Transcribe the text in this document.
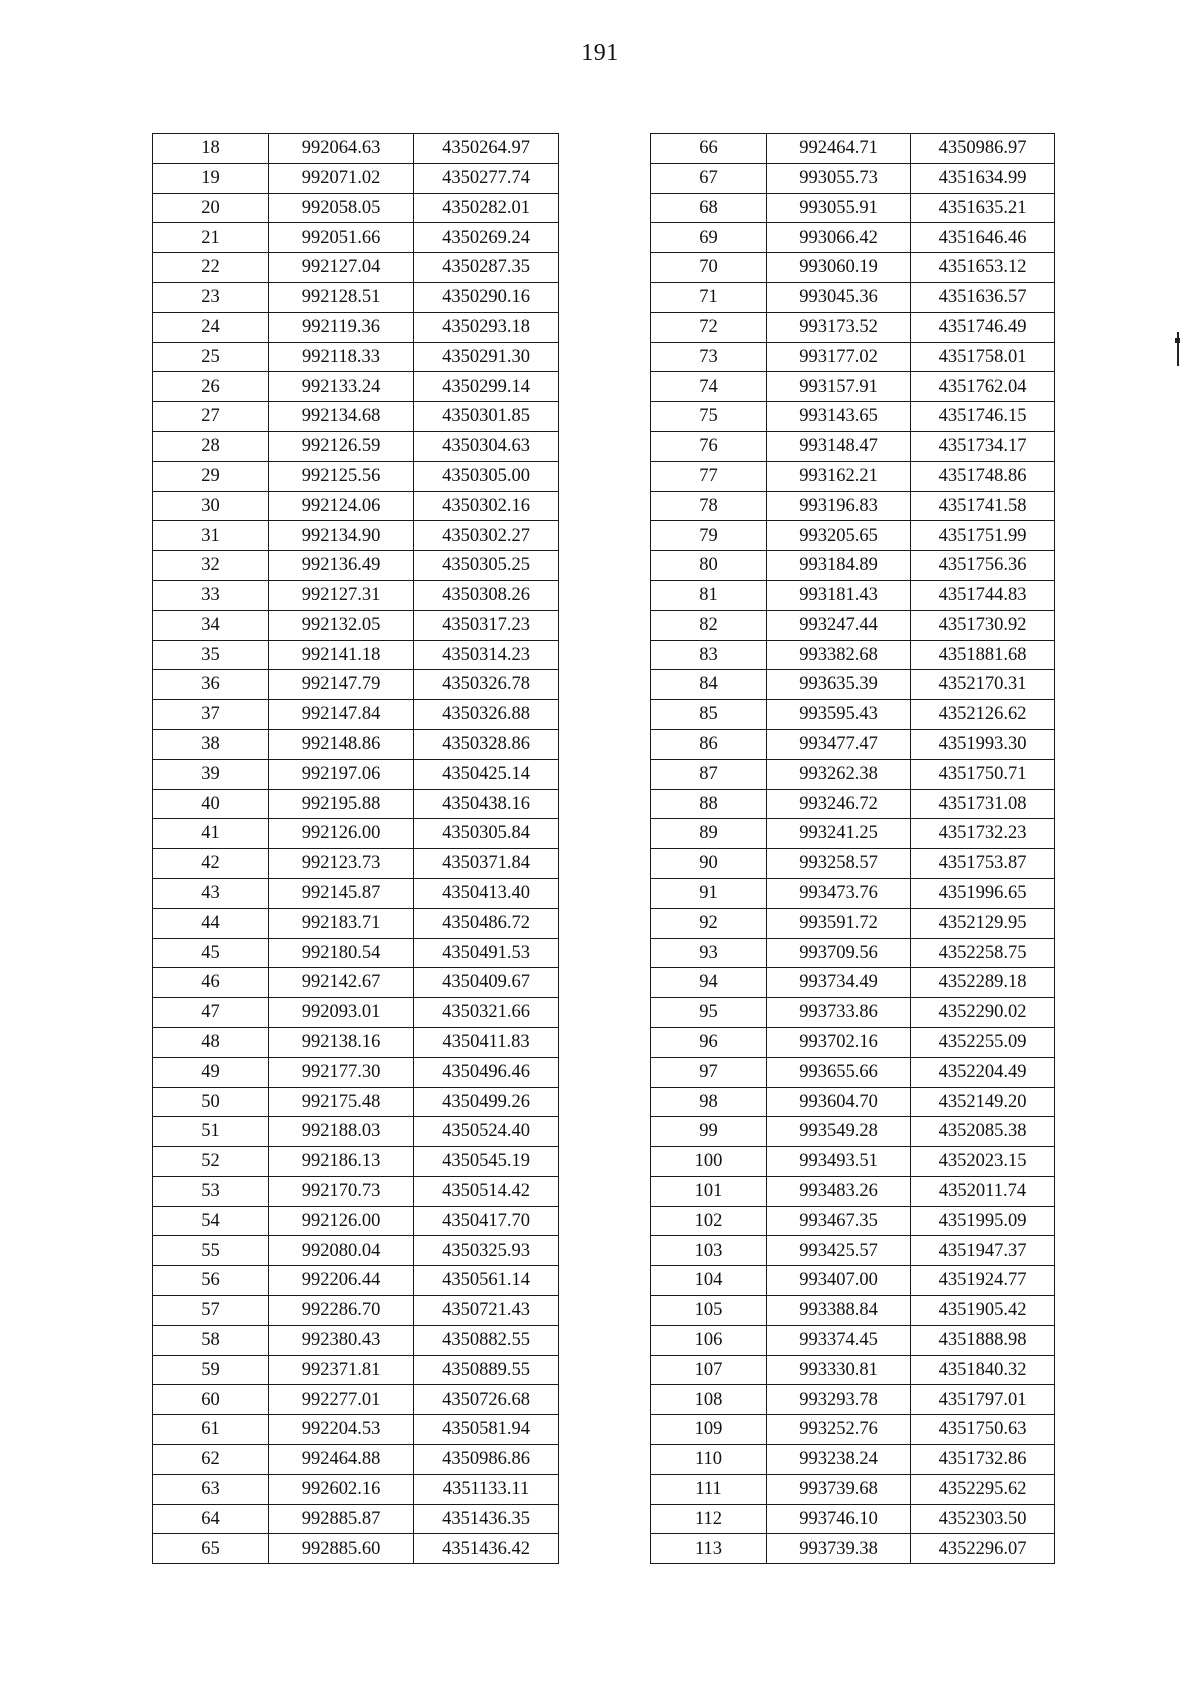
191
18	992064.63	4350264.97
19	992071.02	4350277.74
20	992058.05	4350282.01
21	992051.66	4350269.24
22	992127.04	4350287.35
23	992128.51	4350290.16
24	992119.36	4350293.18
25	992118.33	4350291.30
26	992133.24	4350299.14
27	992134.68	4350301.85
28	992126.59	4350304.63
29	992125.56	4350305.00
30	992124.06	4350302.16
31	992134.90	4350302.27
32	992136.49	4350305.25
33	992127.31	4350308.26
34	992132.05	4350317.23
35	992141.18	4350314.23
36	992147.79	4350326.78
37	992147.84	4350326.88
38	992148.86	4350328.86
39	992197.06	4350425.14
40	992195.88	4350438.16
41	992126.00	4350305.84
42	992123.73	4350371.84
43	992145.87	4350413.40
44	992183.71	4350486.72
45	992180.54	4350491.53
46	992142.67	4350409.67
47	992093.01	4350321.66
48	992138.16	4350411.83
49	992177.30	4350496.46
50	992175.48	4350499.26
51	992188.03	4350524.40
52	992186.13	4350545.19
53	992170.73	4350514.42
54	992126.00	4350417.70
55	992080.04	4350325.93
56	992206.44	4350561.14
57	992286.70	4350721.43
58	992380.43	4350882.55
59	992371.81	4350889.55
60	992277.01	4350726.68
61	992204.53	4350581.94
62	992464.88	4350986.86
63	992602.16	4351133.11
64	992885.87	4351436.35
65	992885.60	4351436.42
66	992464.71	4350986.97
67	993055.73	4351634.99
68	993055.91	4351635.21
69	993066.42	4351646.46
70	993060.19	4351653.12
71	993045.36	4351636.57
72	993173.52	4351746.49
73	993177.02	4351758.01
74	993157.91	4351762.04
75	993143.65	4351746.15
76	993148.47	4351734.17
77	993162.21	4351748.86
78	993196.83	4351741.58
79	993205.65	4351751.99
80	993184.89	4351756.36
81	993181.43	4351744.83
82	993247.44	4351730.92
83	993382.68	4351881.68
84	993635.39	4352170.31
85	993595.43	4352126.62
86	993477.47	4351993.30
87	993262.38	4351750.71
88	993246.72	4351731.08
89	993241.25	4351732.23
90	993258.57	4351753.87
91	993473.76	4351996.65
92	993591.72	4352129.95
93	993709.56	4352258.75
94	993734.49	4352289.18
95	993733.86	4352290.02
96	993702.16	4352255.09
97	993655.66	4352204.49
98	993604.70	4352149.20
99	993549.28	4352085.38
100	993493.51	4352023.15
101	993483.26	4352011.74
102	993467.35	4351995.09
103	993425.57	4351947.37
104	993407.00	4351924.77
105	993388.84	4351905.42
106	993374.45	4351888.98
107	993330.81	4351840.32
108	993293.78	4351797.01
109	993252.76	4351750.63
110	993238.24	4351732.86
111	993739.68	4352295.62
112	993746.10	4352303.50
113	993739.38	4352296.07
